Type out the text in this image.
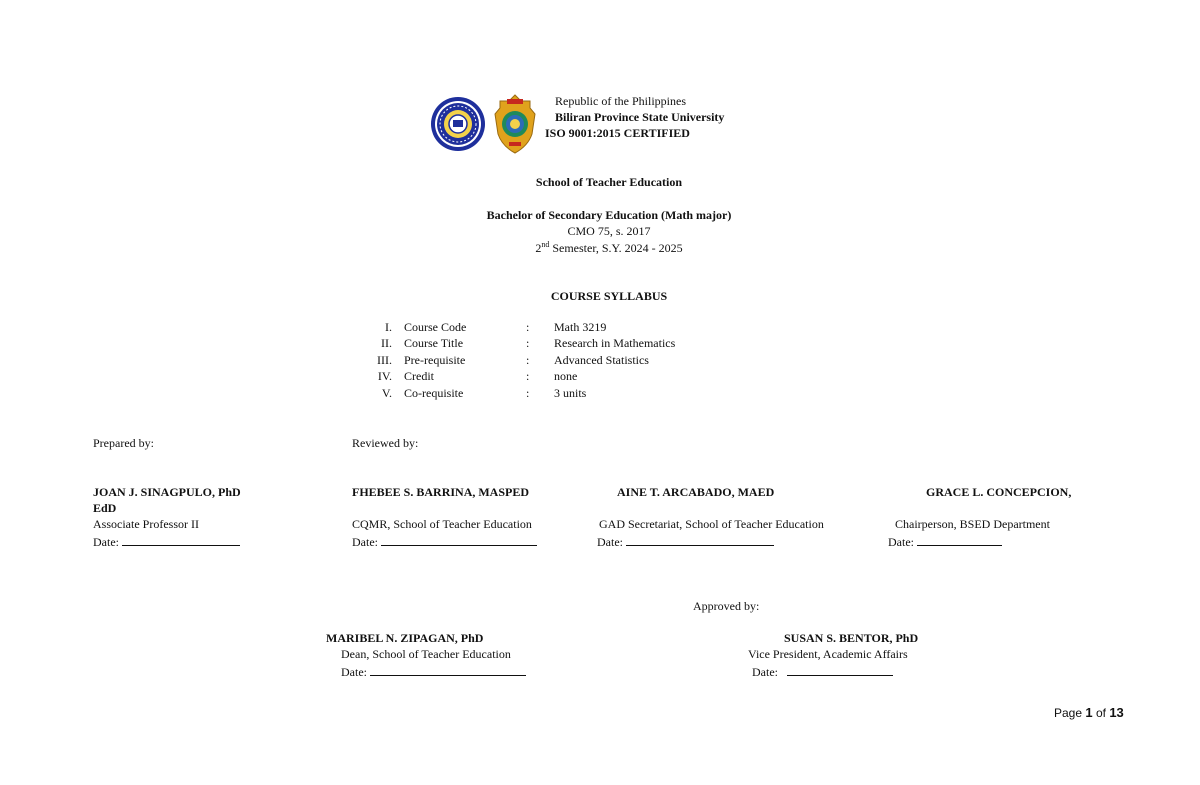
Republic of the Philippines
Biliran Province State University
ISO 9001:2015 CERTIFIED
School of Teacher Education
Bachelor of Secondary Education (Math major)
CMO 75, s. 2017
2nd Semester, S.Y. 2024 - 2025
COURSE SYLLABUS
I.	Course Code	:	Math 3219
II.	Course Title	:	Research in Mathematics
III.	Pre-requisite	:	Advanced Statistics
IV.	Credit	:	none
V.	Co-requisite	:	3 units
Prepared by:	Reviewed by:
JOAN J. SINAGPULO, PhD
EdD
Associate Professor II
Date:
FHEBEE S. BARRINA, MASPED
CQMR, School of Teacher Education
Date:
AINE T. ARCABADO, MAED
GAD Secretariat, School of Teacher Education
Date:
GRACE L. CONCEPCION,
Chairperson, BSED Department
Date:
Approved by:
MARIBEL N. ZIPAGAN, PhD
Dean, School of Teacher Education
Date:
SUSAN S. BENTOR, PhD
Vice President, Academic Affairs
Date:
Page 1 of 13
